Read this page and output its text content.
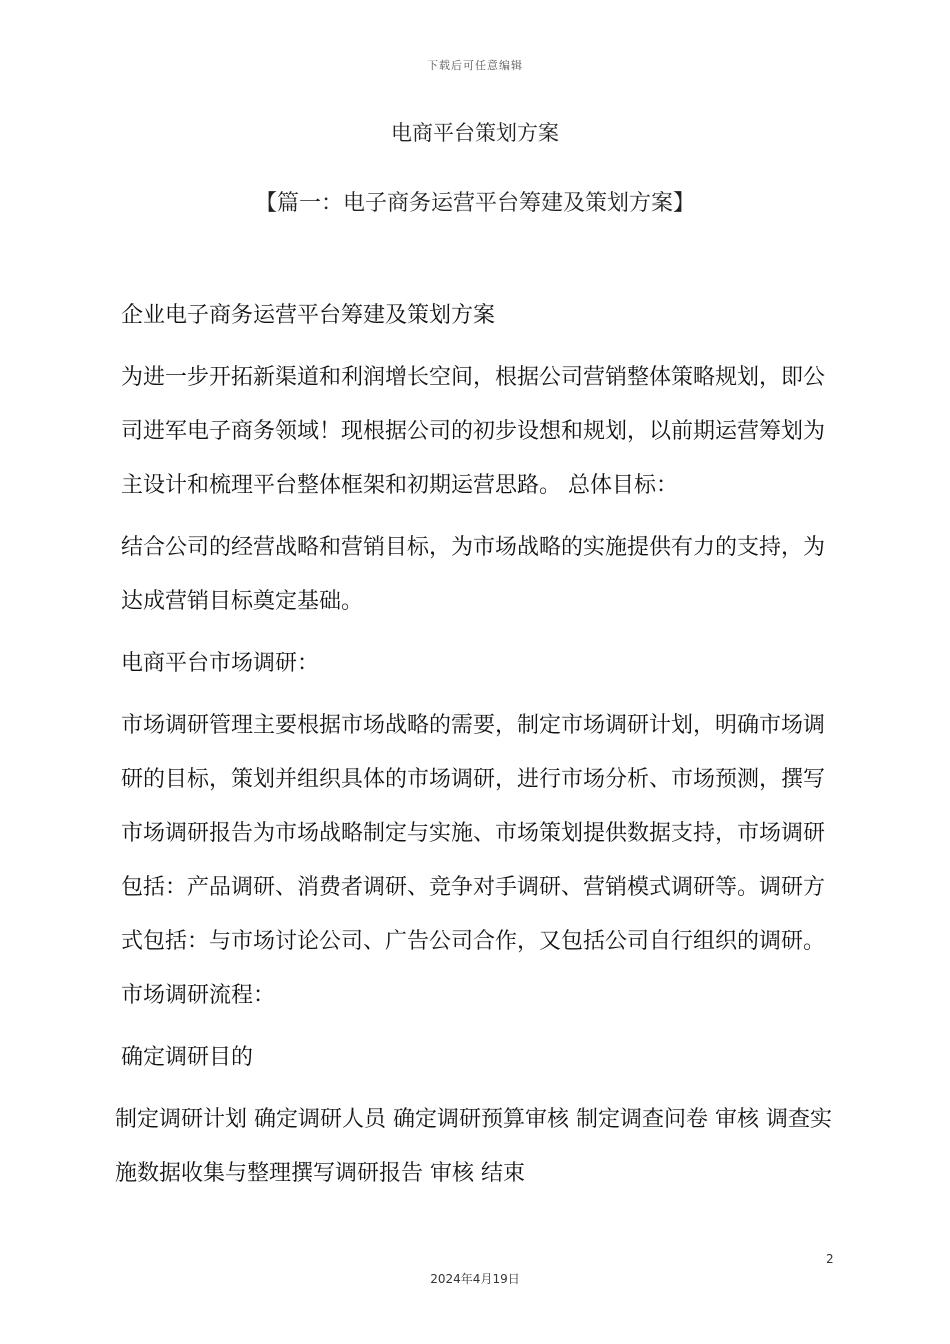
下载后可任意编辑
电商平台策划方案
【篇一：电子商务运营平台筹建及策划方案】

企业电子商务运营平台筹建及策划方案

为进一步开拓新渠道和利润增长空间，根据公司营销整体策略规划，即公司进军电子商务领域！现根据公司的初步设想和规划，以前期运营筹划为主设计和梳理平台整体框架和初期运营思路。 总体目标：

结合公司的经营战略和营销目标，为市场战略的实施提供有力的支持，为达成营销目标奠定基础。

电商平台市场调研：

市场调研管理主要根据市场战略的需要，制定市场调研计划，明确市场调研的目标，策划并组织具体的市场调研，进行市场分析、市场预测，撰写市场调研报告为市场战略制定与实施、市场策划提供数据支持，市场调研包括：产品调研、消费者调研、竞争对手调研、营销模式调研等。调研方式包括：与市场讨论公司、广告公司合作，又包括公司自行组织的调研。 市场调研流程：

确定调研目的

制定调研计划 确定调研人员 确定调研预算审核 制定调查问卷 审核 调查实施数据收集与整理撰写调研报告 审核 结束

2
2024年4月19日
